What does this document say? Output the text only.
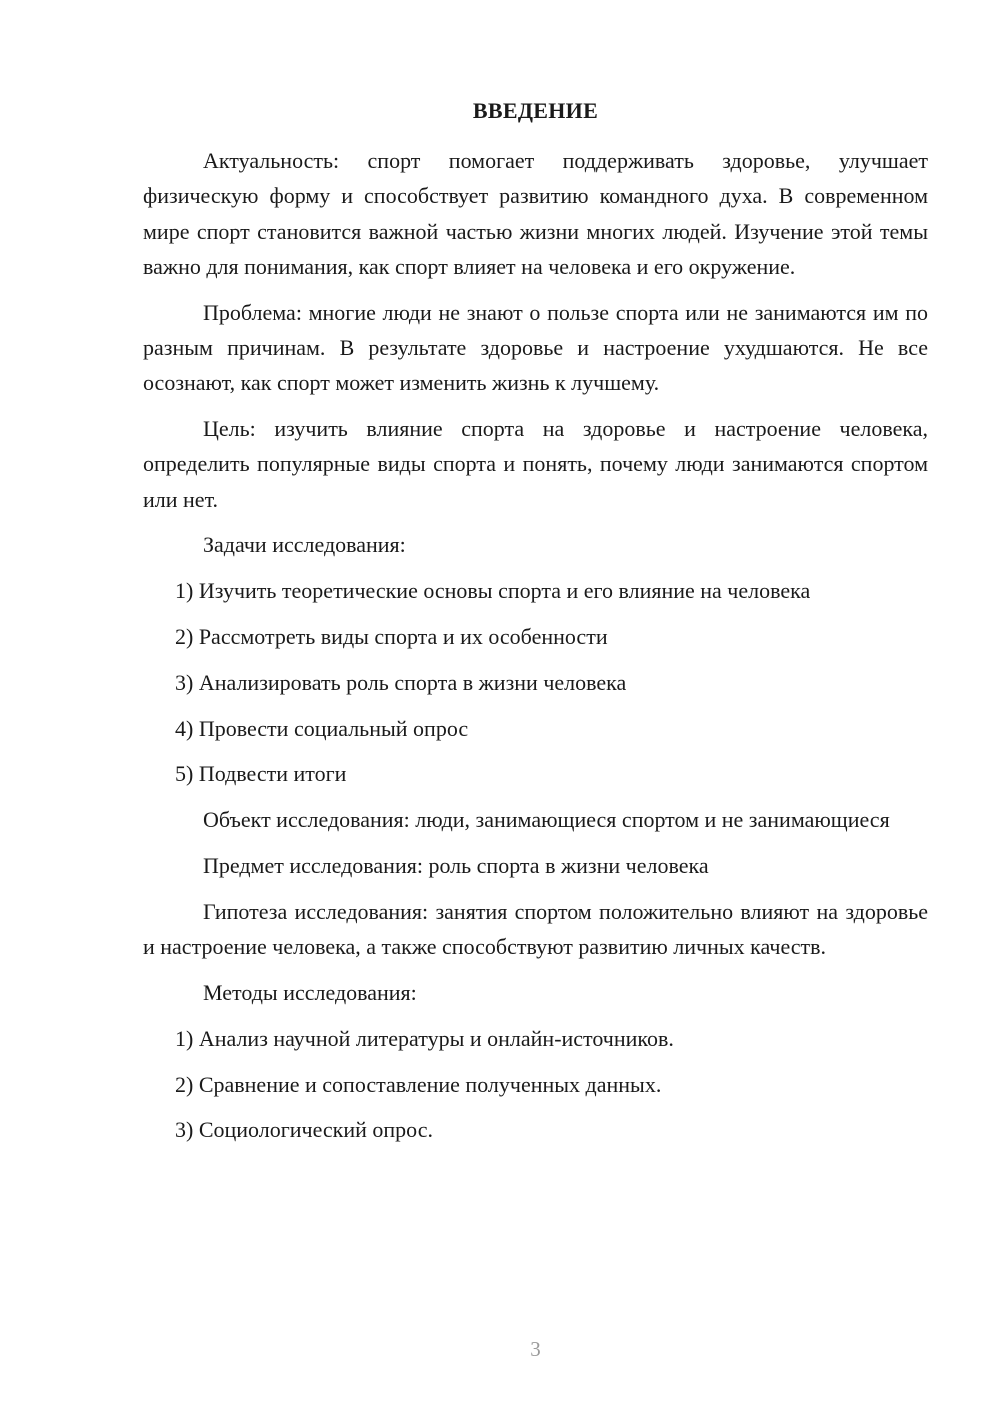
ВВЕДЕНИЕ

Актуальность: спорт помогает поддерживать здоровье, улучшает физическую форму и способствует развитию командного духа. В современном мире спорт становится важной частью жизни многих людей. Изучение этой темы важно для понимания, как спорт влияет на человека и его окружение.

Проблема: многие люди не знают о пользе спорта или не занимаются им по разным причинам. В результате здоровье и настроение ухудшаются. Не все осознают, как спорт может изменить жизнь к лучшему.

Цель: изучить влияние спорта на здоровье и настроение человека, определить популярные виды спорта и понять, почему люди занимаются спортом или нет.

Задачи исследования:

1) Изучить теоретические основы спорта и его влияние на человека

2) Рассмотреть виды спорта и их особенности

3) Анализировать роль спорта в жизни человека

4) Провести социальный опрос

5) Подвести итоги

Объект исследования: люди, занимающиеся спортом и не занимающиеся

Предмет исследования: роль спорта в жизни человека

Гипотеза исследования: занятия спортом положительно влияют на здоровье и настроение человека, а также способствуют развитию личных качеств.

Методы исследования:

1) Анализ научной литературы и онлайн-источников.

2) Сравнение и сопоставление полученных данных.

3) Социологический опрос.

3
